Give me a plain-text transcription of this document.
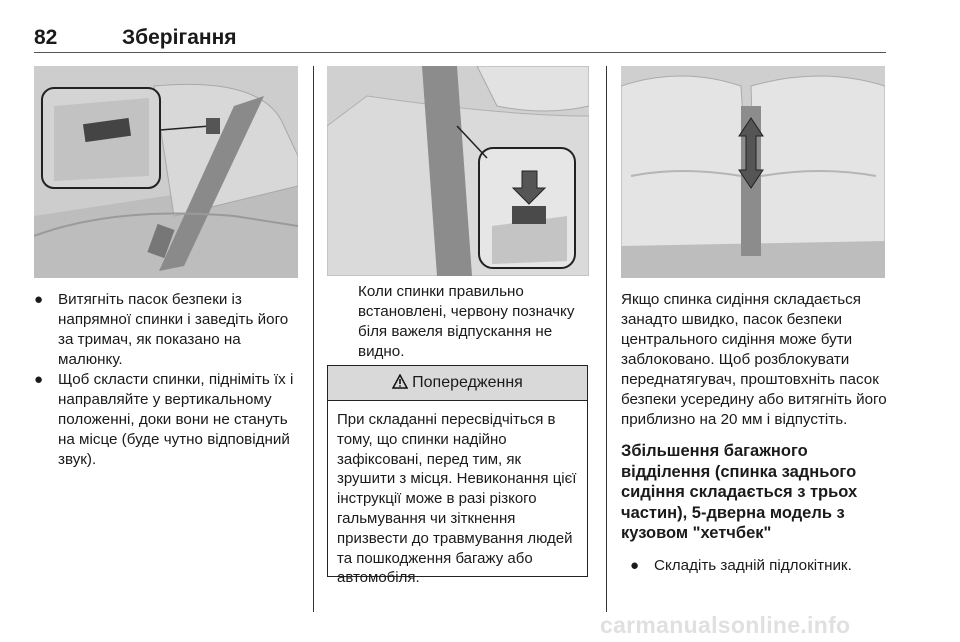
82	Зберігання
● Витягніть пасок безпеки із напрямної спинки і заведіть його за тримач, як показано на малюнку.
● Щоб скласти спинки, підніміть їх і направляйте у вертикальному положенні, доки вони не стануть на місце (буде чутно відповідний звук).
Коли спинки правильно встановлені, червону позначку біля важеля відпускання не видно.
Попередження
При складанні пересвідчіться в тому, що спинки надійно зафіксовані, перед тим, як зрушити з місця. Невиконання цієї інструкції може в разі різкого гальмування чи зіткнення призвести до травмування людей та пошкодження багажу або автомобіля.
Якщо спинка сидіння складається занадто швидко, пасок безпеки центрального сидіння може бути заблоковано. Щоб розблокувати переднатягувач, проштовхніть пасок безпеки усередину або витягніть його приблизно на 20 мм і відпустіть.
Збільшення багажного відділення (спинка заднього сидіння складається з трьох частин), 5-дверна модель з кузовом "хетчбек"
● Складіть задній підлокітник.
carmanualsonline.info
